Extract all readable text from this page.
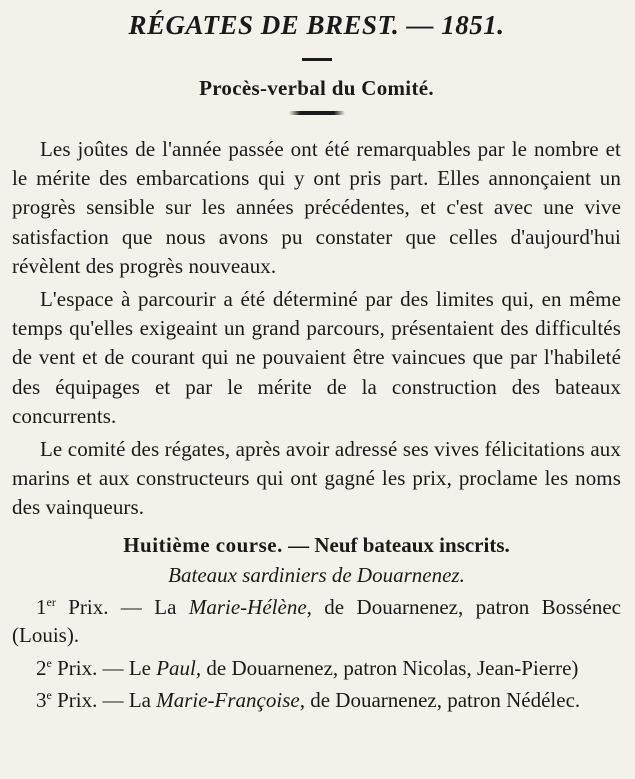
RÉGATES DE BREST. — 1851.
Procès-verbal du Comité.

Les joûtes de l'année passée ont été remarquables par le nombre et le mérite des embarcations qui y ont pris part. Elles annonçaient un progrès sensible sur les années précédentes, et c'est avec une vive satisfaction que nous avons pu constater que celles d'aujourd'hui révèlent des progrès nouveaux.

L'espace à parcourir a été déterminé par des limites qui, en même temps qu'elles exigeaint un grand parcours, présentaient des difficultés de vent et de courant qui ne pouvaient être vaincues que par l'habileté des équipages et par le mérite de la construction des bateaux concurrents.

Le comité des régates, après avoir adressé ses vives félicitations aux marins et aux constructeurs qui ont gagné les prix, proclame les noms des vainqueurs.

Huitième course. — Neuf bateaux inscrits.
Bateaux sardiniers de Douarnenez.

1er Prix. — La Marie-Hélène, de Douarnenez, patron Bossénec (Louis).

2e Prix. — Le Paul, de Douarnenez, patron Nicolas, Jean-Pierre)

3e Prix. — La Marie-Françoise, de Douarnenez, patron Nédélec.
